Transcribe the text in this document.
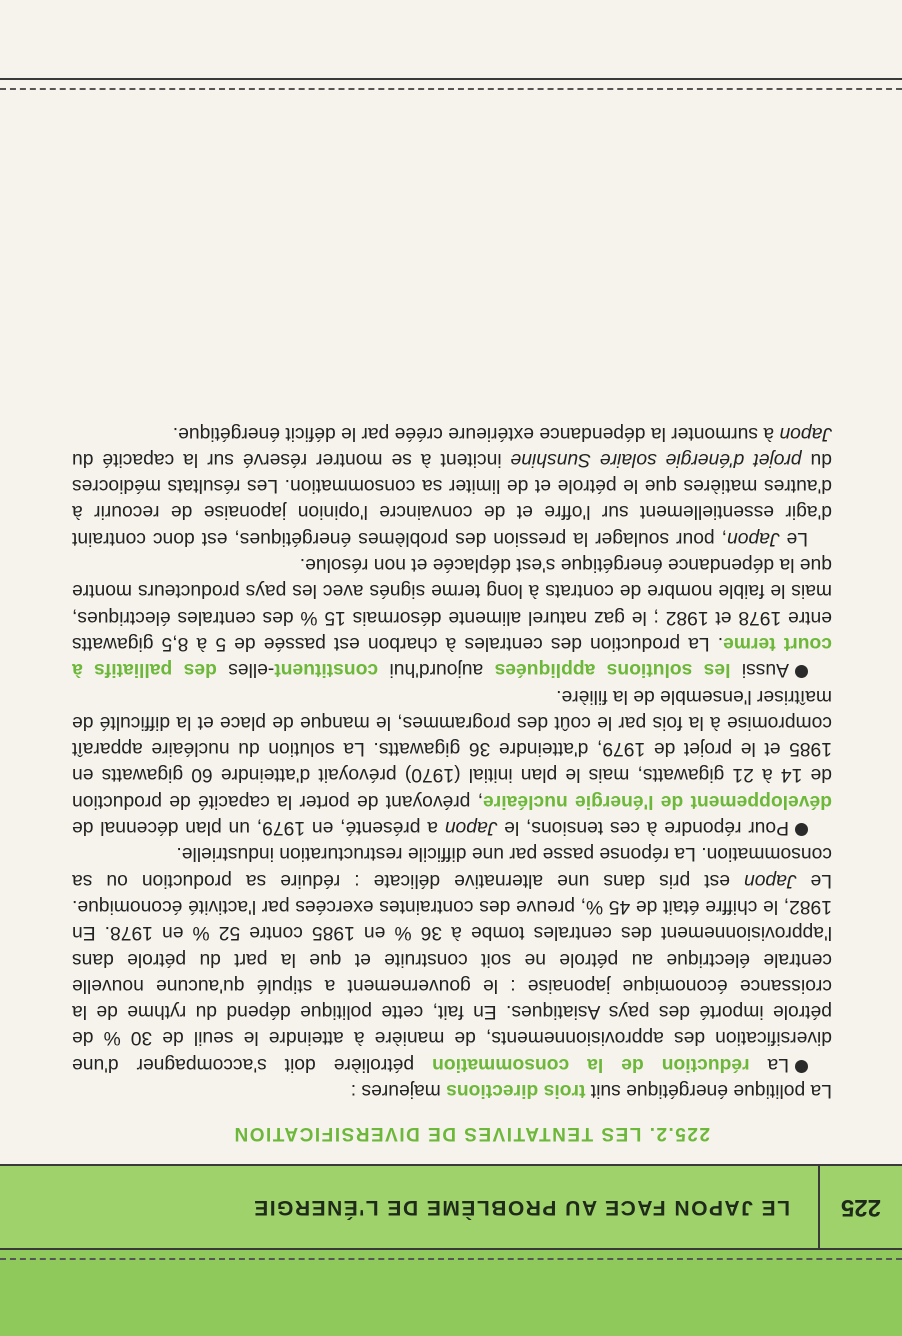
225
LE JAPON FACE AU PROBLÈME DE L'ÉNERGIE
225.2. LES TENTATIVES DE DIVERSIFICATION

La politique énergétique suit trois directions majeures :

La réduction de la consommation pétrolière doit s'accompagner d'une diversification des approvisionnements, de manière à atteindre le seuil de 30 % de pétrole importé des pays Asiatiques. En fait, cette politique dépend du rythme de la croissance économique japonaise : le gouvernement a stipulé qu'aucune nouvelle centrale électrique au pétrole ne soit construite et que la part du pétrole dans l'approvisionnement des centrales tombe à 36 % en 1985 contre 52 % en 1978. En 1982, le chiffre était de 45 %, preuve des contraintes exercées par l'activité économique. Le Japon est pris dans une alternative délicate : réduire sa production ou sa consommation. La réponse passe par une difficile restructuration industrielle.

Pour répondre à ces tensions, le Japon a présenté, en 1979, un plan décennal de développement de l'énergie nucléaire, prévoyant de porter la capacité de production de 14 à 21 gigawatts, mais le plan initial (1970) prévoyait d'atteindre 60 gigawatts en 1985 et le projet de 1979, d'atteindre 36 gigawatts. La solution du nucléaire apparaît compromise à la fois par le coût des programmes, le manque de place et la difficulté de maîtriser l'ensemble de la filière.

Aussi les solutions appliquées aujourd'hui constituent-elles des palliatifs à court terme. La production des centrales à charbon est passée de 5 à 8,5 gigawatts entre 1978 et 1982 ; le gaz naturel alimente désormais 15 % des centrales électriques, mais le faible nombre de contrats à long terme signés avec les pays producteurs montre que la dépendance énergétique s'est déplacée et non résolue.

Le Japon, pour soulager la pression des problèmes énergétiques, est donc contraint d'agir essentiellement sur l'offre et de convaincre l'opinion japonaise de recourir à d'autres matières que le pétrole et de limiter sa consommation. Les résultats médiocres du projet d'énergie solaire Sunshine incitent à se montrer réservé sur la capacité du Japon à surmonter la dépendance extérieure créée par le déficit énergétique.
